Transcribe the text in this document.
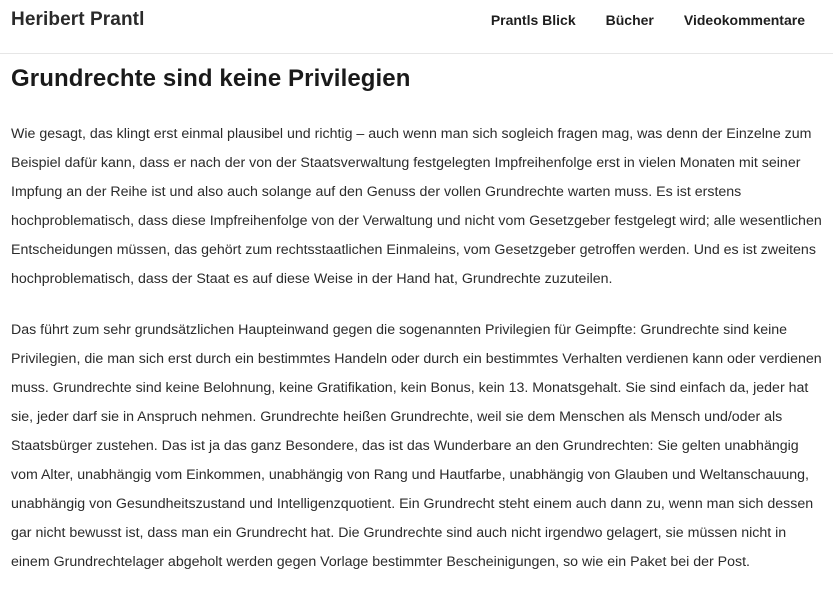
Heribert Prantl	Prantls Blick Bücher Videokommentare
Grundrechte sind keine Privilegien

Wie gesagt, das klingt erst einmal plausibel und richtig – auch wenn man sich sogleich fragen mag, was denn der Einzelne zum Beispiel dafür kann, dass er nach der von der Staatsverwaltung festgelegten Impfreihenfolge erst in vielen Monaten mit seiner Impfung an der Reihe ist und also auch solange auf den Genuss der vollen Grundrechte warten muss. Es ist erstens hochproblematisch, dass diese Impfreihenfolge von der Verwaltung und nicht vom Gesetzgeber festgelegt wird; alle wesentlichen Entscheidungen müssen, das gehört zum rechtsstaatlichen Einmaleins, vom Gesetzgeber getroffen werden. Und es ist zweitens hochproblematisch, dass der Staat es auf diese Weise in der Hand hat, Grundrechte zuzuteilen.

Das führt zum sehr grundsätzlichen Haupteinwand gegen die sogenannten Privilegien für Geimpfte: Grundrechte sind keine Privilegien, die man sich erst durch ein bestimmtes Handeln oder durch ein bestimmtes Verhalten verdienen kann oder verdienen muss. Grundrechte sind keine Belohnung, keine Gratifikation, kein Bonus, kein 13. Monatsgehalt. Sie sind einfach da, jeder hat sie, jeder darf sie in Anspruch nehmen. Grundrechte heißen Grundrechte, weil sie dem Menschen als Mensch und/oder als Staatsbürger zustehen. Das ist ja das ganz Besondere, das ist das Wunderbare an den Grundrechten: Sie gelten unabhängig vom Alter, unabhängig vom Einkommen, unabhängig von Rang und Hautfarbe, unabhängig von Glauben und Weltanschauung, unabhängig von Gesundheitszustand und Intelligenzquotient. Ein Grundrecht steht einem auch dann zu, wenn man sich dessen gar nicht bewusst ist, dass man ein Grundrecht hat. Die Grundrechte sind auch nicht irgendwo gelagert, sie müssen nicht in einem Grundrechtelager abgeholt werden gegen Vorlage bestimmter Bescheinigungen, so wie ein Paket bei der Post.
